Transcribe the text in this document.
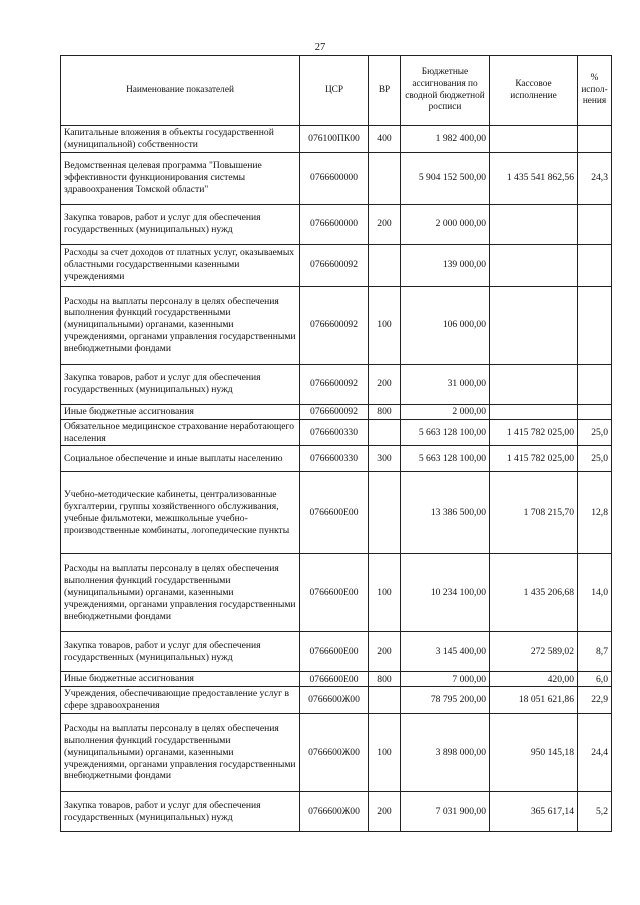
27
Наименование показателей	ЦСР	ВР	Бюджетные ассигнования по сводной бюджетной росписи	Кассовое исполнение	% испол- нения
Капитальные вложения в объекты государственной (муниципальной) собственности	076100ПК00	400	1 982 400,00		
Ведомственная целевая программа "Повышение эффективности функционирования системы здравоохранения Томской области"	0766600000		5 904 152 500,00	1 435 541 862,56	24,3
Закупка товаров, работ и услуг для обеспечения государственных (муниципальных) нужд	0766600000	200	2 000 000,00		
Расходы за счет доходов от платных услуг, оказываемых областными государственными казенными учреждениями	0766600092		139 000,00		
Расходы на выплаты персоналу в целях обеспечения выполнения функций государственными (муниципальными) органами, казенными учреждениями, органами управления государственными внебюджетными фондами	0766600092	100	106 000,00		
Закупка товаров, работ и услуг для обеспечения государственных (муниципальных) нужд	0766600092	200	31 000,00		
Иные бюджетные ассигнования	0766600092	800	2 000,00		
Обязательное медицинское страхование неработающего населения	0766600330		5 663 128 100,00	1 415 782 025,00	25,0
Социальное обеспечение и иные выплаты населению	0766600330	300	5 663 128 100,00	1 415 782 025,00	25,0
Учебно-методические кабинеты, централизованные бухгалтерии, группы хозяйственного обслуживания, учебные фильмотеки, межшкольные учебно-производственные комбинаты, логопедические пункты	0766600Е00		13 386 500,00	1 708 215,70	12,8
Расходы на выплаты персоналу в целях обеспечения выполнения функций государственными (муниципальными) органами, казенными учреждениями, органами управления государственными внебюджетными фондами	0766600Е00	100	10 234 100,00	1 435 206,68	14,0
Закупка товаров, работ и услуг для обеспечения государственных (муниципальных) нужд	0766600Е00	200	3 145 400,00	272 589,02	8,7
Иные бюджетные ассигнования	0766600Е00	800	7 000,00	420,00	6,0
Учреждения, обеспечивающие предоставление услуг в сфере здравоохранения	0766600Ж00		78 795 200,00	18 051 621,86	22,9
Расходы на выплаты персоналу в целях обеспечения выполнения функций государственными (муниципальными) органами, казенными учреждениями, органами управления государственными внебюджетными фондами	0766600Ж00	100	3 898 000,00	950 145,18	24,4
Закупка товаров, работ и услуг для обеспечения государственных (муниципальных) нужд	0766600Ж00	200	7 031 900,00	365 617,14	5,2
